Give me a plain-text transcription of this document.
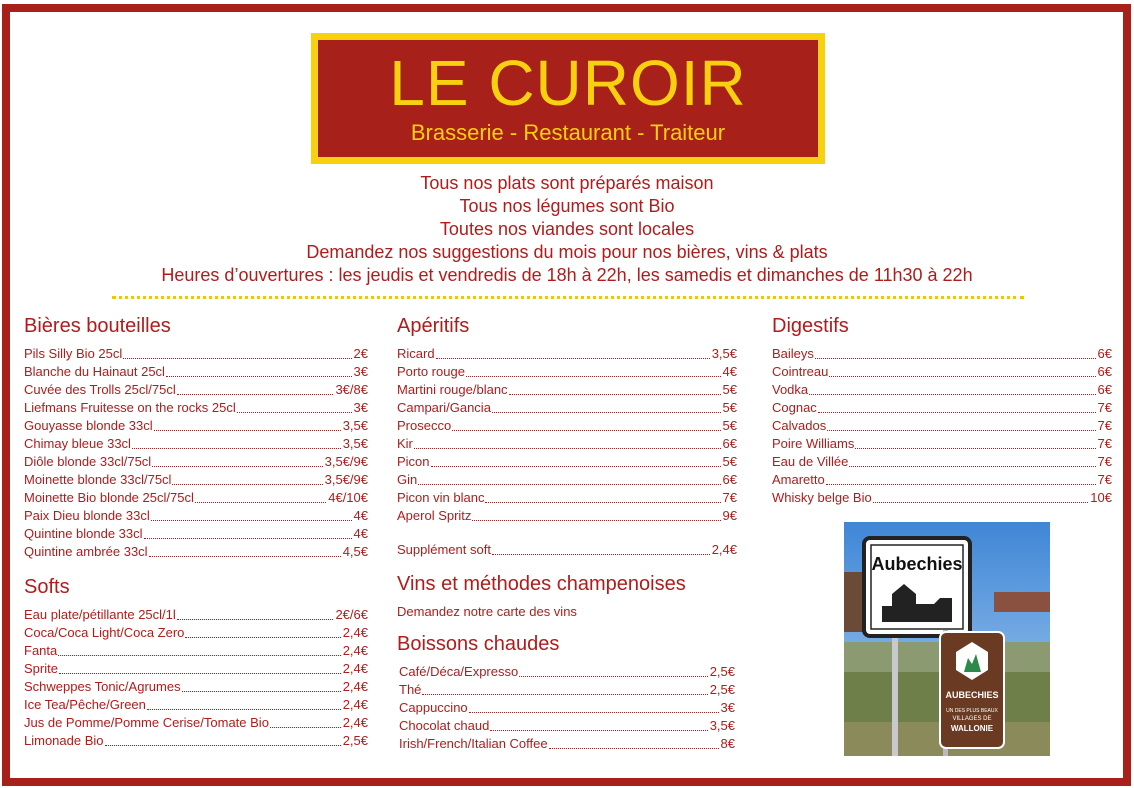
LE CUROIR
Brasserie - Restaurant - Traiteur
Tous nos plats sont préparés maison
Tous nos légumes sont Bio
Toutes nos viandes sont locales
Demandez nos suggestions du mois pour nos bières, vins & plats
Heures d’ouvertures : les jeudis et vendredis de 18h à 22h, les samedis et dimanches de 11h30 à 22h
Bières bouteilles
Pils Silly Bio 25cl	2€
Blanche du Hainaut 25cl	3€
Cuvée des Trolls 25cl/75cl	3€/8€
Liefmans Fruitesse on the rocks 25cl	3€
Gouyasse blonde 33cl	3,5€
Chimay bleue 33cl	3,5€
Diôle blonde 33cl/75cl	3,5€/9€
Moinette blonde 33cl/75cl	3,5€/9€
Moinette Bio blonde 25cl/75cl	4€/10€
Paix Dieu blonde 33cl	4€
Quintine blonde 33cl	4€
Quintine ambrée 33cl	4,5€
Softs
Eau plate/pétillante 25cl/1l	2€/6€
Coca/Coca Light/Coca Zero	2,4€
Fanta	2,4€
Sprite	2,4€
Schweppes Tonic/Agrumes	2,4€
Ice Tea/Pêche/Green	2,4€
Jus de Pomme/Pomme Cerise/Tomate Bio	2,4€
Limonade Bio	2,5€
Apéritifs
Ricard	3,5€
Porto rouge	4€
Martini rouge/blanc	5€
Campari/Gancia	5€
Prosecco	5€
Kir	6€
Picon	5€
Gin	6€
Picon vin blanc	7€
Aperol Spritz	9€
Supplément soft	2,4€
Vins et méthodes champenoises
Demandez notre carte des vins
Boissons chaudes
Café/Déca/Expresso	2,5€
Thé	2,5€
Cappuccino	3€
Chocolat chaud	3,5€
Irish/French/Italian Coffee	8€
Digestifs
Baileys	6€
Cointreau	6€
Vodka	6€
Cognac	7€
Calvados	7€
Poire Williams	7€
Eau de Villée	7€
Amaretto	7€
Whisky belge Bio	10€
Aubechies
AUBECHIES
UN DES PLUS BEAUX
VILLAGES DE
WALLONIE
